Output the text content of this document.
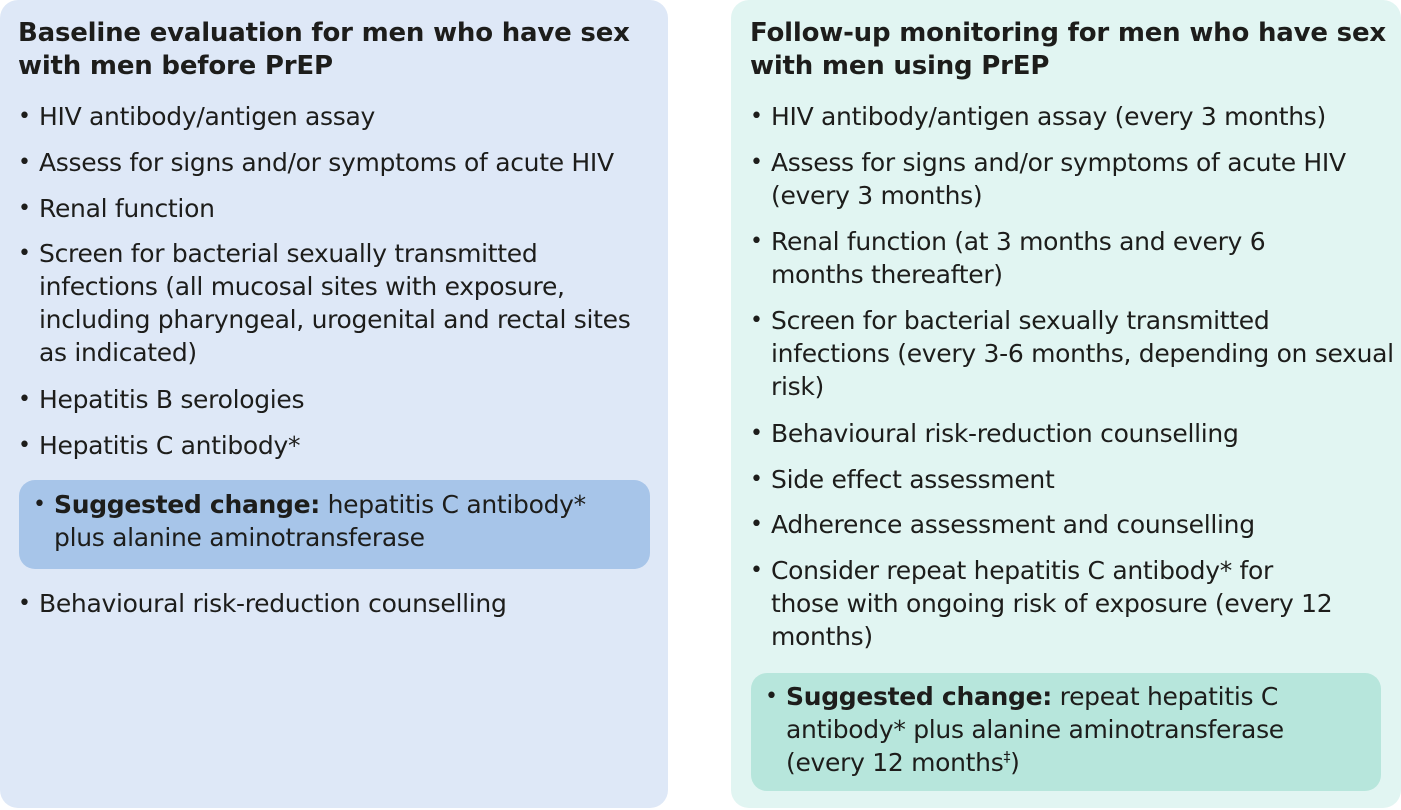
Baseline evaluation for men who have sex with men before PrEP
• HIV antibody/antigen assay
• Assess for signs and/or symptoms of acute HIV
• Renal function
• Screen for bacterial sexually transmitted infections (all mucosal sites with exposure, including pharyngeal, urogenital and rectal sites as indicated)
• Hepatitis B serologies
• Hepatitis C antibody*
• Suggested change: hepatitis C antibody* plus alanine aminotransferase
• Behavioural risk-reduction counselling
Follow-up monitoring for men who have sex with men using PrEP
• HIV antibody/antigen assay (every 3 months)
• Assess for signs and/or symptoms of acute HIV (every 3 months)
• Renal function (at 3 months and every 6 months thereafter)
• Screen for bacterial sexually transmitted infections (every 3-6 months, depending on sexual risk)
• Behavioural risk-reduction counselling
• Side effect assessment
• Adherence assessment and counselling
• Consider repeat hepatitis C antibody* for those with ongoing risk of exposure (every 12 months)
• Suggested change: repeat hepatitis C antibody* plus alanine aminotransferase (every 12 months‡)
